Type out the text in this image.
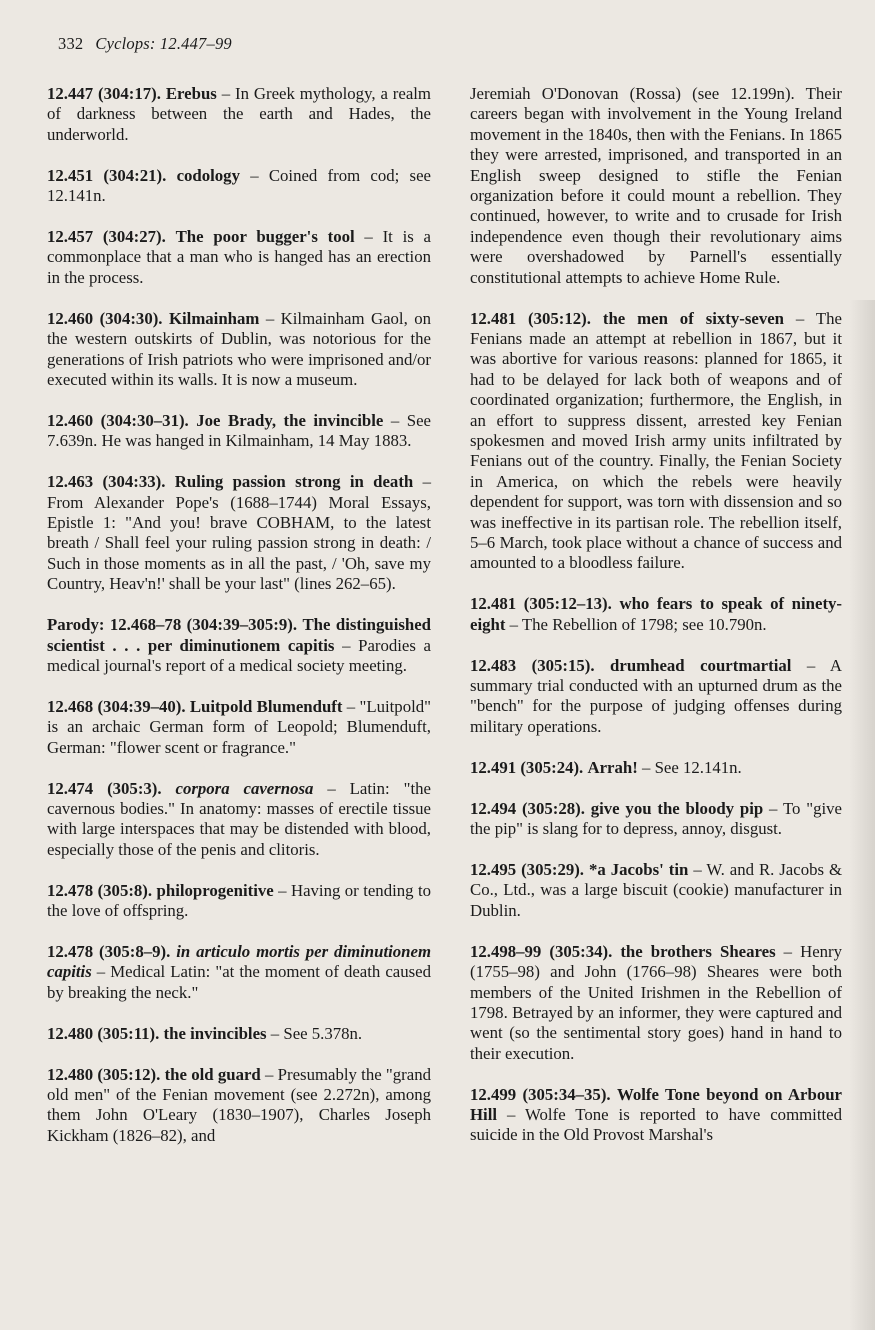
332 Cyclops: 12.447–99

12.447 (304:17). Erebus – In Greek mythology, a realm of darkness between the earth and Hades, the underworld.

12.451 (304:21). codology – Coined from cod; see 12.141n.

12.457 (304:27). The poor bugger's tool – It is a commonplace that a man who is hanged has an erection in the process.

12.460 (304:30). Kilmainham – Kilmainham Gaol, on the western outskirts of Dublin, was notorious for the generations of Irish patriots who were imprisoned and/or executed within its walls. It is now a museum.

12.460 (304:30–31). Joe Brady, the invincible – See 7.639n. He was hanged in Kilmainham, 14 May 1883.

12.463 (304:33). Ruling passion strong in death – From Alexander Pope's (1688–1744) Moral Essays, Epistle 1: "And you! brave COBHAM, to the latest breath / Shall feel your ruling passion strong in death: / Such in those moments as in all the past, / 'Oh, save my Country, Heav'n!' shall be your last" (lines 262–65).

Parody: 12.468–78 (304:39–305:9). The distinguished scientist . . . per diminutionem capitis – Parodies a medical journal's report of a medical society meeting.

12.468 (304:39–40). Luitpold Blumenduft – "Luitpold" is an archaic German form of Leopold; Blumenduft, German: "flower scent or fragrance."

12.474 (305:3). corpora cavernosa – Latin: "the cavernous bodies." In anatomy: masses of erectile tissue with large interspaces that may be distended with blood, especially those of the penis and clitoris.

12.478 (305:8). philoprogenitive – Having or tending to the love of offspring.

12.478 (305:8–9). in articulo mortis per diminutionem capitis – Medical Latin: "at the moment of death caused by breaking the neck."

12.480 (305:11). the invincibles – See 5.378n.

12.480 (305:12). the old guard – Presumably the "grand old men" of the Fenian movement (see 2.272n), among them John O'Leary (1830–1907), Charles Joseph Kickham (1826–82), and

Jeremiah O'Donovan (Rossa) (see 12.199n). Their careers began with involvement in the Young Ireland movement in the 1840s, then with the Fenians. In 1865 they were arrested, imprisoned, and transported in an English sweep designed to stifle the Fenian organization before it could mount a rebellion. They continued, however, to write and to crusade for Irish independence even though their revolutionary aims were overshadowed by Parnell's essentially constitutional attempts to achieve Home Rule.

12.481 (305:12). the men of sixty-seven – The Fenians made an attempt at rebellion in 1867, but it was abortive for various reasons: planned for 1865, it had to be delayed for lack both of weapons and of coordinated organization; furthermore, the English, in an effort to suppress dissent, arrested key Fenian spokesmen and moved Irish army units infiltrated by Fenians out of the country. Finally, the Fenian Society in America, on which the rebels were heavily dependent for support, was torn with dissension and so was ineffective in its partisan role. The rebellion itself, 5–6 March, took place without a chance of success and amounted to a bloodless failure.

12.481 (305:12–13). who fears to speak of ninety-eight – The Rebellion of 1798; see 10.790n.

12.483 (305:15). drumhead courtmartial – A summary trial conducted with an upturned drum as the "bench" for the purpose of judging offenses during military operations.

12.491 (305:24). Arrah! – See 12.141n.

12.494 (305:28). give you the bloody pip – To "give the pip" is slang for to depress, annoy, disgust.

12.495 (305:29). *a Jacobs' tin – W. and R. Jacobs & Co., Ltd., was a large biscuit (cookie) manufacturer in Dublin.

12.498–99 (305:34). the brothers Sheares – Henry (1755–98) and John (1766–98) Sheares were both members of the United Irishmen in the Rebellion of 1798. Betrayed by an informer, they were captured and went (so the sentimental story goes) hand in hand to their execution.

12.499 (305:34–35). Wolfe Tone beyond on Arbour Hill – Wolfe Tone is reported to have committed suicide in the Old Provost Marshal's
